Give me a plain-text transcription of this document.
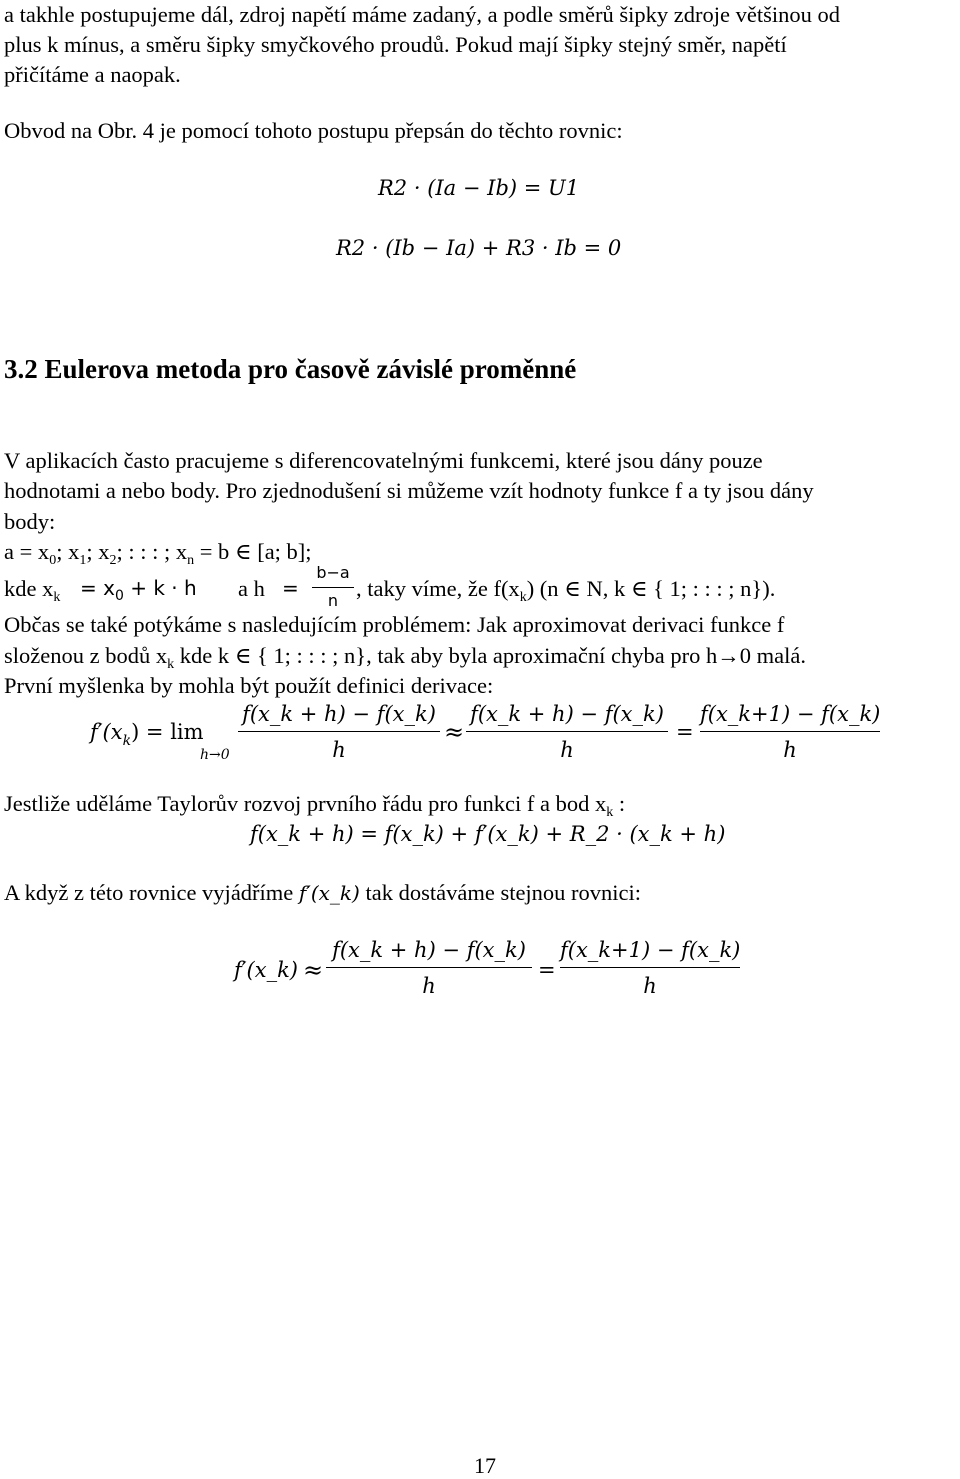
a takhle postupujeme dál, zdroj napětí máme zadaný, a podle směrů šipky zdroje většinou od
plus k mínus, a směru šipky smyčkového proudů. Pokud mají šipky stejný směr, napětí
přičítáme a naopak.
Obvod na Obr. 4 je pomocí tohoto postupu přepsán do těchto rovnic:
R2 · (Ia − Ib) = U1
R2 · (Ib − Ia) + R3 · Ib = 0
3.2 Eulerova metoda pro časově závislé proměnné
V aplikacích často pracujeme s diferencovatelnými funkcemi, které jsou dány pouze
hodnotami a nebo body. Pro zjednodušení si můžeme vzít hodnoty funkce f a ty jsou dány
body:
$a = x_0$; $x_1$; $x_2$; : : : ; $x_n = b$ ∈ [a; b];
kde $x_k = x_0 + k \cdot h$ a h =
b−a
n , taky víme, že $f(x_k)$ (n ∈ N, k ∈ { 1; : : : ; n}).
Občas se také potýkáme s nasledujícím problémem: Jak aproximovat derivaci funkce f
složenou z bodů $x_k$ kde k ∈ { 1; : : : ; n}, tak aby byla aproximační chyba pro h→0 malá.
První myšlenka by mohla být použít definici derivace:
$f'(x_k) = \lim$
h→0
f(x_k + h) − f(x_k)
h
≈
f(x_k + h) − f(x_k)
h
=
f(x_k+1) − f(x_k)
h
Jestliže uděláme Taylorův rozvoj prvního řádu pro funkci f a bod $x_k$ :
f(x_k + h) = f(x_k) + f′(x_k) + R_2 · (x_k + h)
A když z této rovnice vyjádříme f′(x_k) tak dostáváme stejnou rovnici:
f′(x_k) ≈
f(x_k + h) − f(x_k)
h
=
f(x_k+1) − f(x_k)
h
17
